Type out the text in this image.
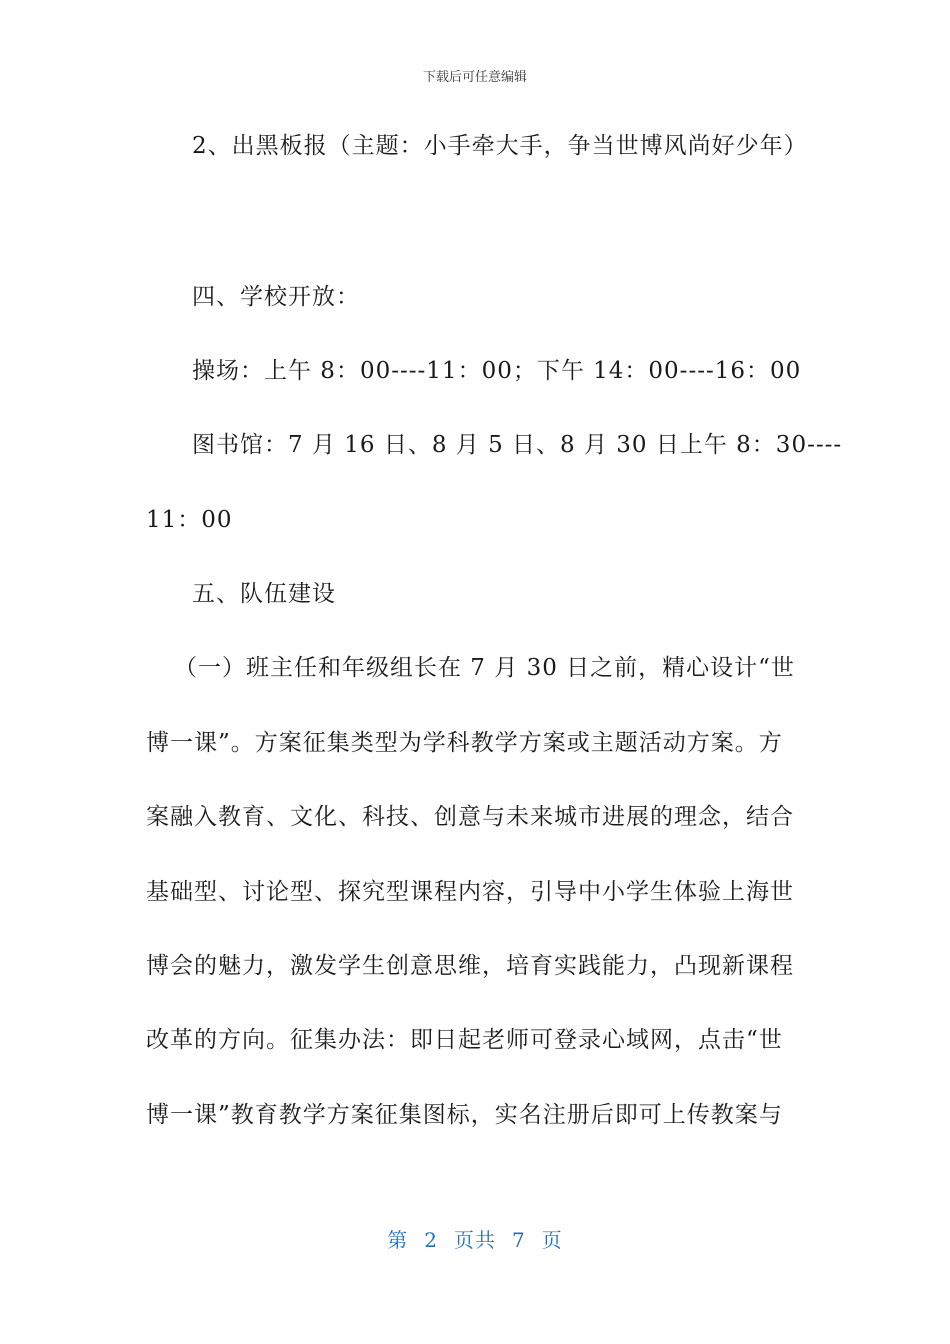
下载后可任意编辑
2、出黑板报（主题：小手牵大手，争当世博风尚好少年）
四、学校开放：
操场：上午 8：00----11：00；下午 14：00----16：00
图书馆：7 月 16 日、8 月 5 日、8 月 30 日上午 8：30----
11：00
五、队伍建设
（一）班主任和年级组长在 7 月 30 日之前，精心设计“世
博一课”。方案征集类型为学科教学方案或主题活动方案。方
案融入教育、文化、科技、创意与未来城市进展的理念，结合
基础型、讨论型、探究型课程内容，引导中小学生体验上海世
博会的魅力，激发学生创意思维，培育实践能力，凸现新课程
改革的方向。征集办法：即日起老师可登录心域网，点击“世
博一课”教育教学方案征集图标，实名注册后即可上传教案与
第 2 页共 7 页
